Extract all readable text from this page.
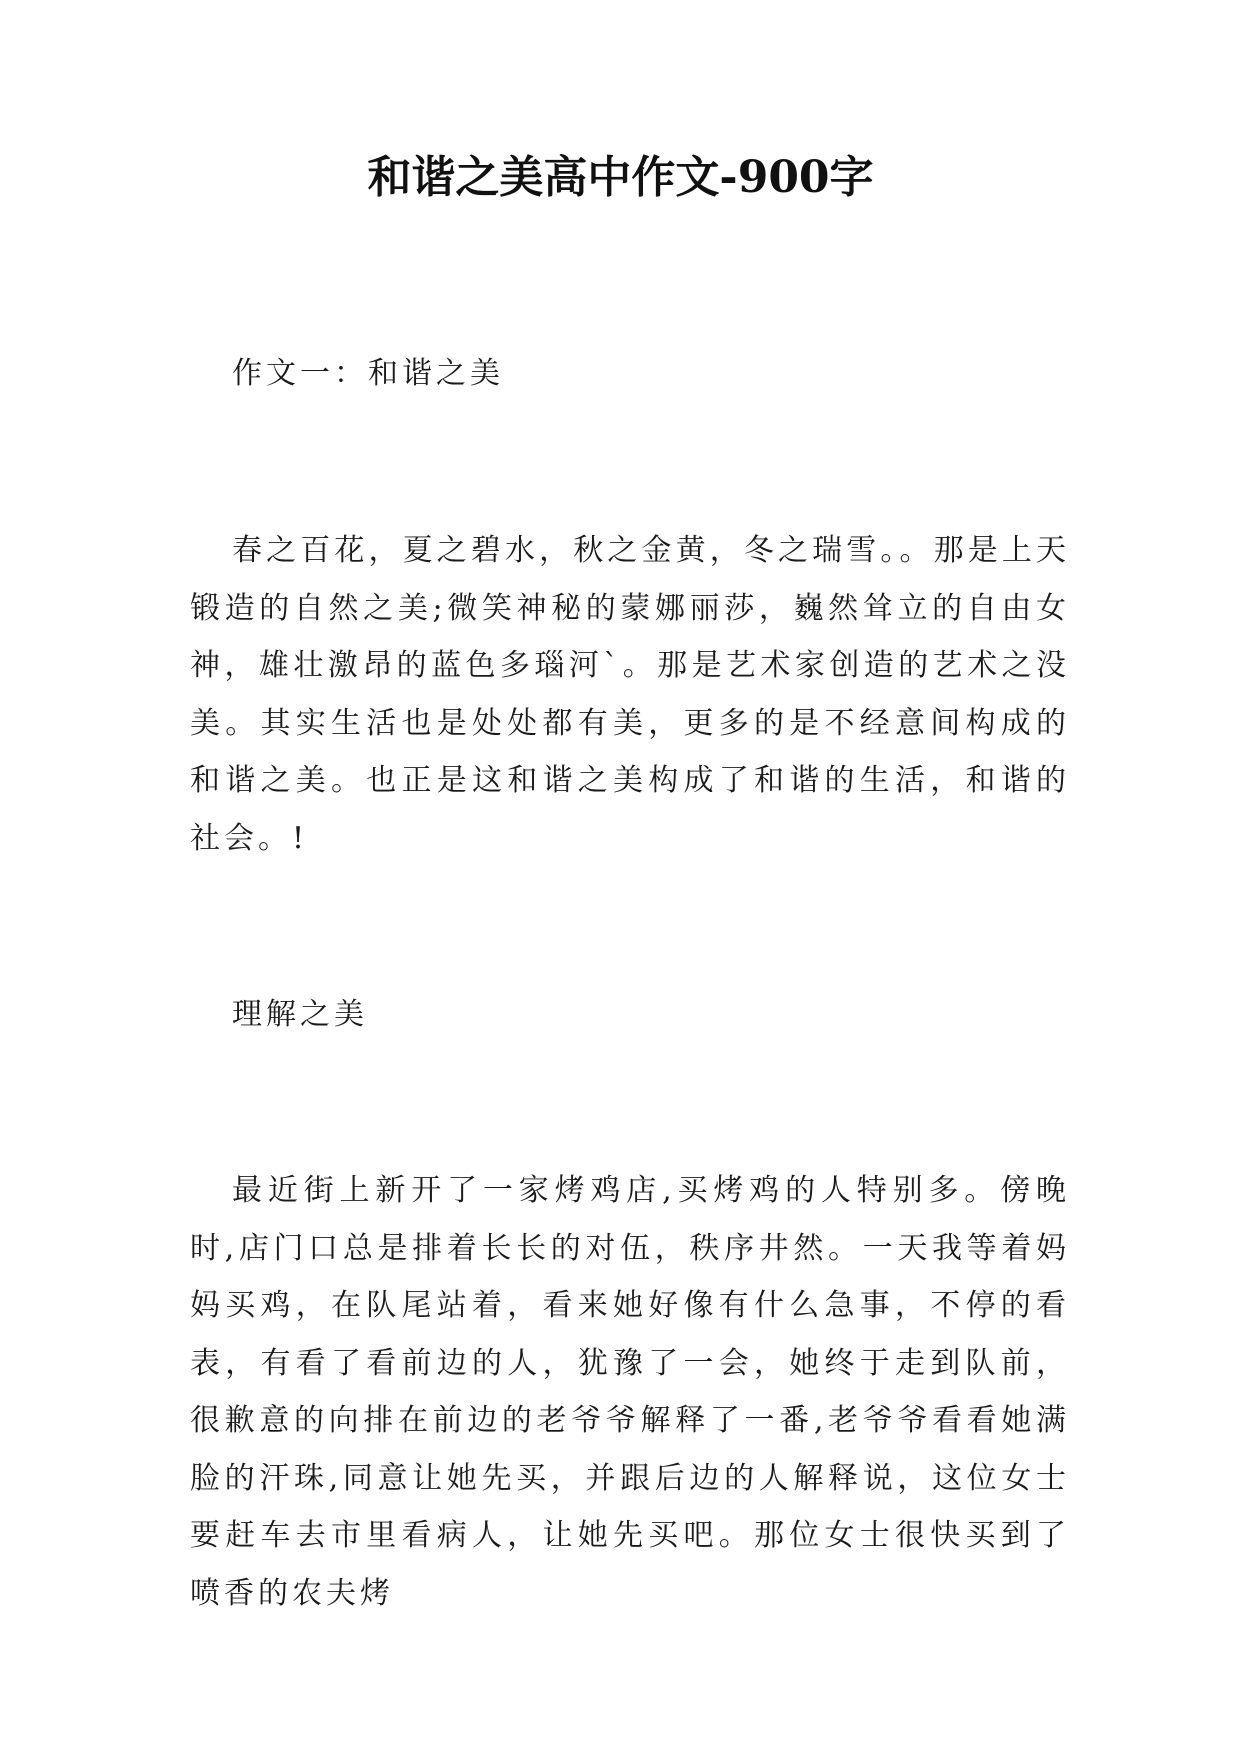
和谐之美高中作文-900字
作文一：和谐之美

春之百花，夏之碧水，秋之金黄，冬之瑞雪。。那是上天锻造的自然之美;微笑神秘的蒙娜丽莎，巍然耸立的自由女神，雄壮激昂的蓝色多瑙河`。那是艺术家创造的艺术之没美。其实生活也是处处都有美，更多的是不经意间构成的和谐之美。也正是这和谐之美构成了和谐的生活，和谐的社会。!

理解之美

最近街上新开了一家烤鸡店,买烤鸡的人特别多。傍晚时,店门口总是排着长长的对伍，秩序井然。一天我等着妈妈买鸡，在队尾站着，看来她好像有什么急事，不停的看表，有看了看前边的人，犹豫了一会，她终于走到队前，很歉意的向排在前边的老爷爷解释了一番,老爷爷看看她满脸的汗珠,同意让她先买，并跟后边的人解释说，这位女士要赶车去市里看病人，让她先买吧。那位女士很快买到了喷香的农夫烤
